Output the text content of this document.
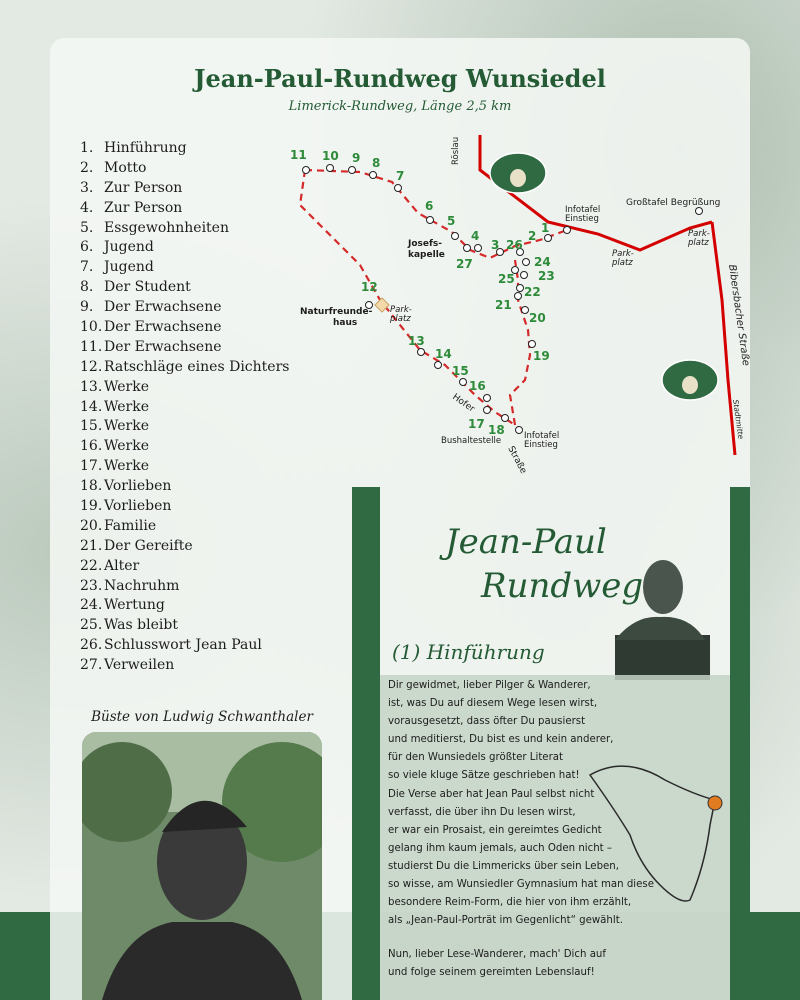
Jean-Paul-Rundweg Wunsiedel
Limerick-Rundweg, Länge 2,5 km
1. Hinführung
2. Motto
3. Zur Person
4. Zur Person
5. Essgewohnheiten
6. Jugend
7. Jugend
8. Der Student
9. Der Erwachsene
10. Der Erwachsene
11. Der Erwachsene
12. Ratschläge eines Dichters
13. Werke
14. Werke
15. Werke
16. Werke
17. Werke
18. Vorlieben
19. Vorlieben
20. Familie
21. Der Gereifte
22. Alter
23. Nachruhm
24. Wertung
25. Was bleibt
26. Schlusswort Jean Paul
27. Verweilen
1
2
3
4
5
6
7
8
9
10
11
12
13
14
15
16
17 18
19
20
21
22
23
24
25
26
27
Röslau
Infotafel
Einstieg
Großtafel Begrüßung
Park-
platz
Park-
platz
Park-
platz
Josefs-
kapelle
Naturfreunde-
haus	Bibersbacher Straße
Stadtmitte
Hofer
Straße
Bushaltestelle	Infotafel
Einstieg
Büste von Ludwig Schwanthaler
Jean-Paul
Rundweg
(1) Hinführung
Dir gewidmet, lieber Pilger & Wanderer,
ist, was Du auf diesem Wege lesen wirst,
vorausgesetzt, dass öfter Du pausierst
und meditierst, Du bist es und kein anderer,
für den Wunsiedels größter Literat
so viele kluge Sätze geschrieben hat!
Die Verse aber hat Jean Paul selbst nicht
verfasst, die über ihn Du lesen wirst,
er war ein Prosaist, ein gereimtes Gedicht
gelang ihm kaum jemals, auch Oden nicht –
studierst Du die Limmericks über sein Leben,
so wisse, am Wunsiedler Gymnasium hat man diese
besondere Reim-Form, die hier von ihm erzählt,
als „Jean-Paul-Porträt im Gegenlicht“ gewählt.
Nun, lieber Lese-Wanderer, mach' Dich auf
und folge seinem gereimten Lebenslauf!
